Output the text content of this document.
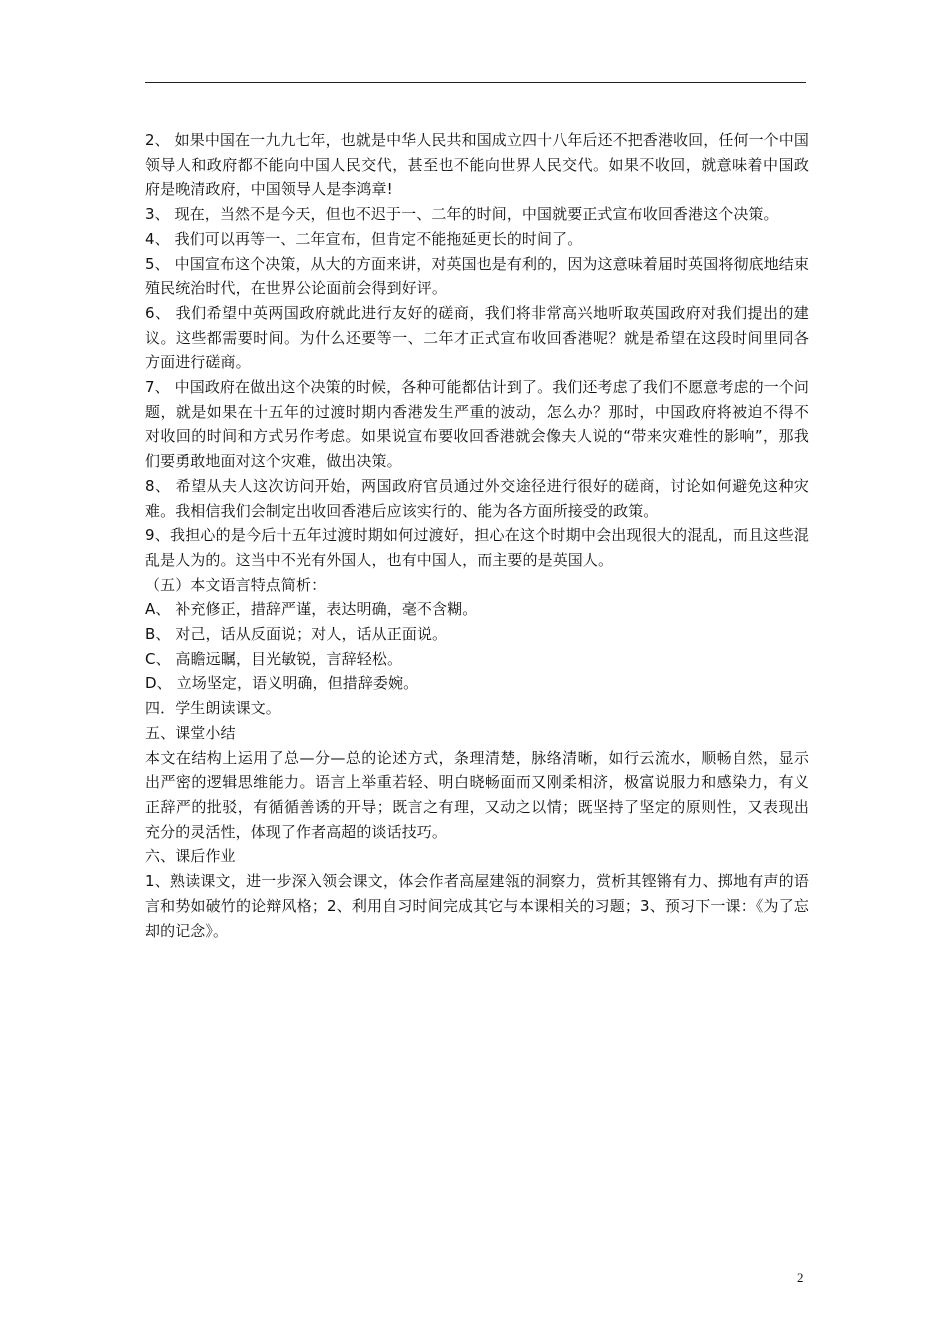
2、 如果中国在一九九七年，也就是中华人民共和国成立四十八年后还不把香港收回，任何一个中国领导人和政府都不能向中国人民交代，甚至也不能向世界人民交代。如果不收回，就意味着中国政府是晚清政府，中国领导人是李鸿章!

3、 现在，当然不是今天，但也不迟于一、二年的时间，中国就要正式宣布收回香港这个决策。

4、 我们可以再等一、二年宣布，但肯定不能拖延更长的时间了。

5、 中国宣布这个决策，从大的方面来讲，对英国也是有利的，因为这意味着届时英国将彻底地结束殖民统治时代，在世界公论面前会得到好评。

6、 我们希望中英两国政府就此进行友好的磋商，我们将非常高兴地听取英国政府对我们提出的建议。这些都需要时间。为什么还要等一、二年才正式宣布收回香港呢？就是希望在这段时间里同各方面进行磋商。

7、 中国政府在做出这个决策的时候，各种可能都估计到了。我们还考虑了我们不愿意考虑的一个问题，就是如果在十五年的过渡时期内香港发生严重的波动，怎么办？那时，中国政府将被迫不得不对收回的时间和方式另作考虑。如果说宣布要收回香港就会像夫人说的“带来灾难性的影响”，那我们要勇敢地面对这个灾难，做出决策。

8、 希望从夫人这次访问开始，两国政府官员通过外交途径进行很好的磋商，讨论如何避免这种灾难。我相信我们会制定出收回香港后应该实行的、能为各方面所接受的政策。

9、我担心的是今后十五年过渡时期如何过渡好，担心在这个时期中会出现很大的混乱，而且这些混乱是人为的。这当中不光有外国人，也有中国人，而主要的是英国人。

（五）本文语言特点简析：

A、 补充修正，措辞严谨，表达明确，毫不含糊。

B、 对己，话从反面说；对人，话从正面说。

C、 高瞻远瞩，目光敏锐，言辞轻松。

D、 立场坚定，语义明确，但措辞委婉。

四．学生朗读课文。

五、课堂小结

本文在结构上运用了总—分—总的论述方式，条理清楚，脉络清晰，如行云流水，顺畅自然，显示出严密的逻辑思维能力。语言上举重若轻、明白晓畅面而又刚柔相济，极富说服力和感染力，有义正辞严的批驳，有循循善诱的开导；既言之有理，又动之以情；既坚持了坚定的原则性，又表现出充分的灵活性，体现了作者高超的谈话技巧。

六、课后作业

1、熟读课文，进一步深入领会课文，体会作者高屋建瓴的洞察力，赏析其铿锵有力、掷地有声的语言和势如破竹的论辩风格；2、利用自习时间完成其它与本课相关的习题；3、预习下一课：《为了忘却的记念》。

2
